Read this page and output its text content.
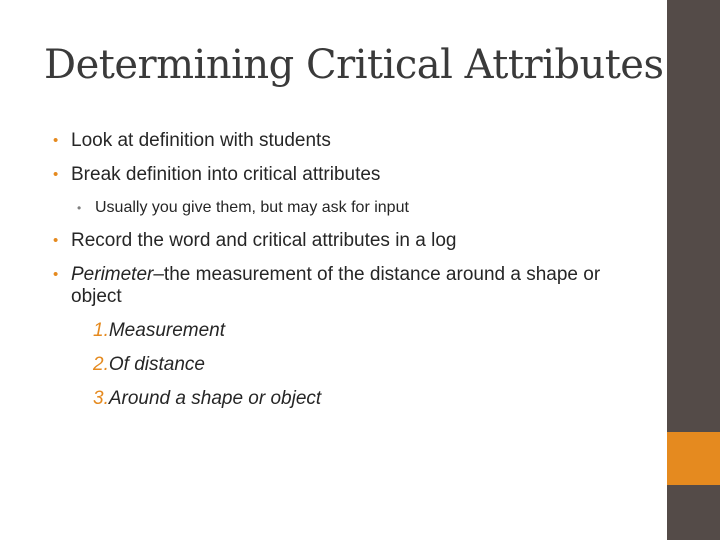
Determining Critical Attributes
• Look at definition with students
• Break definition into critical attributes
• Usually you give them, but may ask for input
• Record the word and critical attributes in a log
• Perimeter–the measurement of the distance around a shape or object
1.Measurement
2.Of distance
3.Around a shape or object
